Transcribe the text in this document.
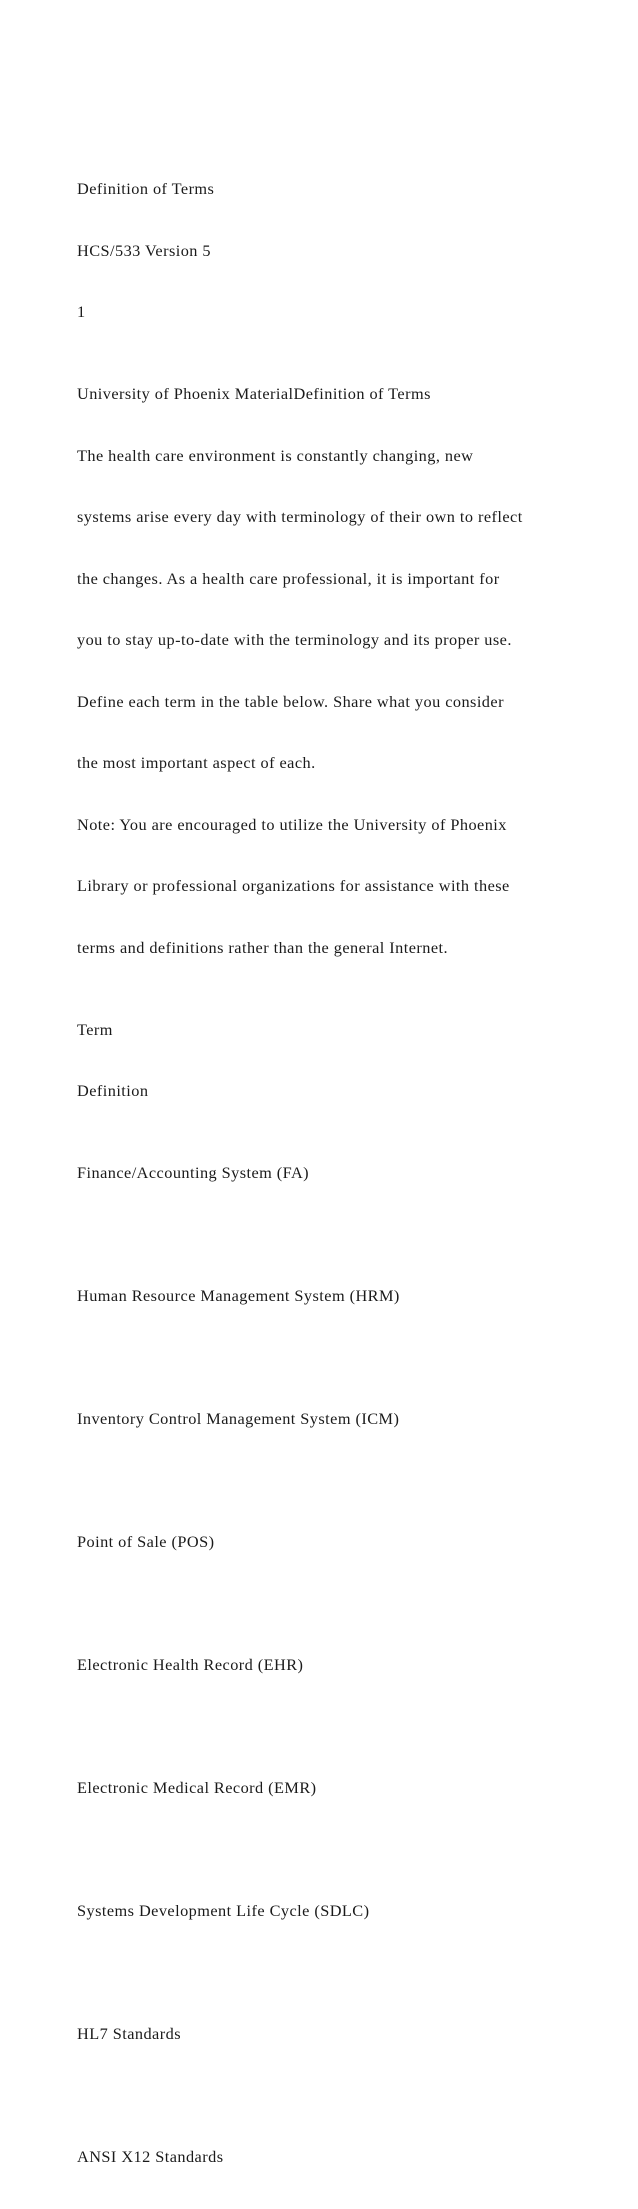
Definition of Terms

HCS/533 Version 5

1

University of Phoenix MaterialDefinition of Terms

The health care environment is constantly changing, new

systems arise every day with terminology of their own to reflect

the changes. As a health care professional, it is important for

you to stay up-to-date with the terminology and its proper use.

Define each term in the table below. Share what you consider

the most important aspect of each.

Note: You are encouraged to utilize the University of Phoenix

Library or professional organizations for assistance with these

terms and definitions rather than the general Internet.

Term

Definition

Finance/Accounting System (FA)

Human Resource Management System (HRM)

Inventory Control Management System (ICM)

Point of Sale (POS)

Electronic Health Record (EHR)

Electronic Medical Record (EMR)

Systems Development Life Cycle (SDLC)

HL7 Standards

ANSI X12 Standards
